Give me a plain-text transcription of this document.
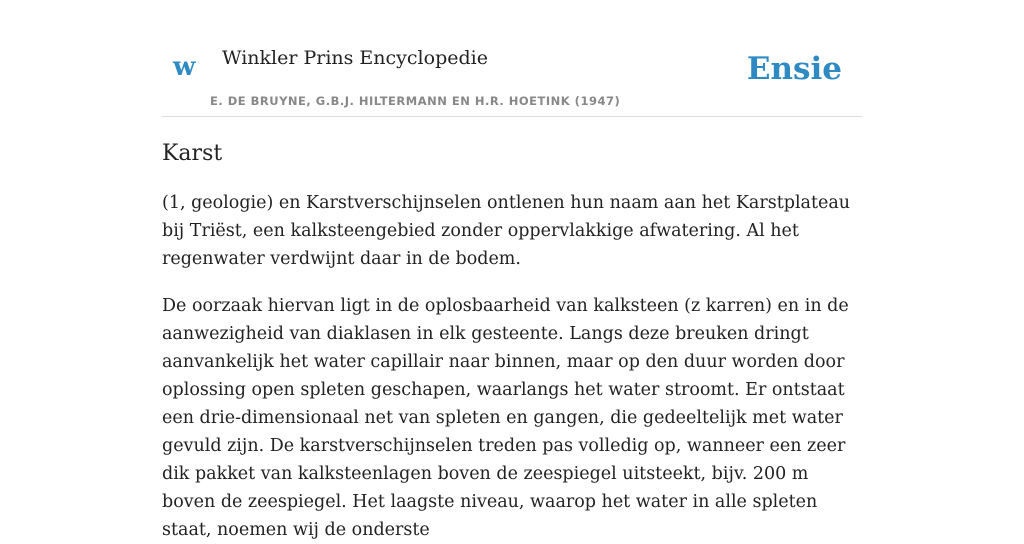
w Winkler Prins Encyclopedie
E. DE BRUYNE, G.B.J. HILTERMANN EN H.R. HOETINK (1947)
Ensie
Karst

(1, geologie) en Karstverschijnselen ontlenen hun naam aan het Karstplateau bij Triëst, een kalksteengebied zonder oppervlakkige afwatering. Al het regenwater verdwijnt daar in de bodem.

De oorzaak hiervan ligt in de oplosbaarheid van kalksteen (z karren) en in de aanwezigheid van diaklasen in elk gesteente. Langs deze breuken dringt aanvankelijk het water capillair naar binnen, maar op den duur worden door oplossing open spleten geschapen, waarlangs het water stroomt. Er ontstaat een drie-dimensionaal net van spleten en gangen, die gedeeltelijk met water gevuld zijn. De karstverschijnselen treden pas volledig op, wanneer een zeer dik pakket van kalksteenlagen boven de zeespiegel uitsteekt, bijv. 200 m boven de zeespiegel. Het laagste niveau, waarop het water in alle spleten staat, noemen wij de onderste
